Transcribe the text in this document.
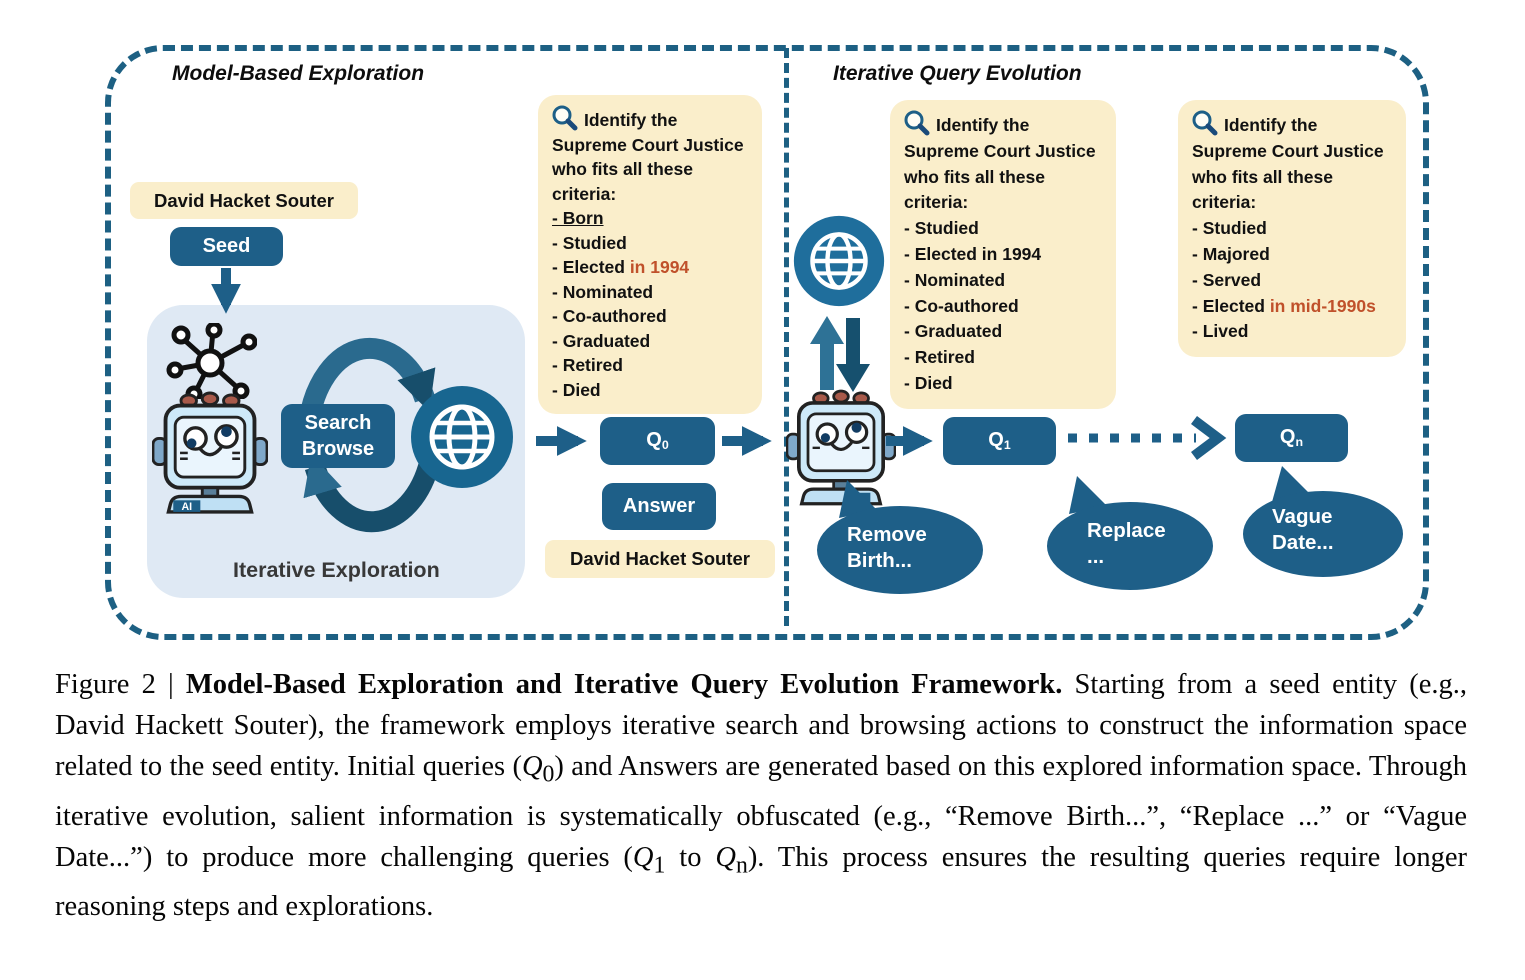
Model-Based Exploration	Iterative Query Evolution
David Hacket Souter
Seed
AI
Search
Browse
Iterative Exploration
Identify the Supreme Court Justice who fits all these criteria:
- Born
- Studied
- Elected in 1994
- Nominated
- Co-authored
- Graduated
- Retired
- Died
$Q_0$
Answer
David Hacket Souter
Identify the Supreme Court Justice who fits all these criteria:
- Studied
- Elected in 1994
- Nominated
- Co-authored
- Graduated
- Retired
- Died
Identify the Supreme Court Justice who fits all these criteria:
- Studied
- Majored
- Served
- Elected in mid-1990s
- Lived
$Q_1$	$Q_n$
Remove
Birth...
Replace
...
Vague
Date...

Figure 2 | Model-Based Exploration and Iterative Query Evolution Framework. Starting from a seed entity (e.g., David Hackett Souter), the framework employs iterative search and browsing actions to construct the information space related to the seed entity. Initial queries $(Q_0)$ and Answers are generated based on this explored information space. Through iterative evolution, salient information is systematically obfuscated (e.g., “Remove Birth...”, “Replace ...” or “Vague Date...”) to produce more challenging queries ($Q_1$ to $Q_n$). This process ensures the resulting queries require longer reasoning steps and explorations.
